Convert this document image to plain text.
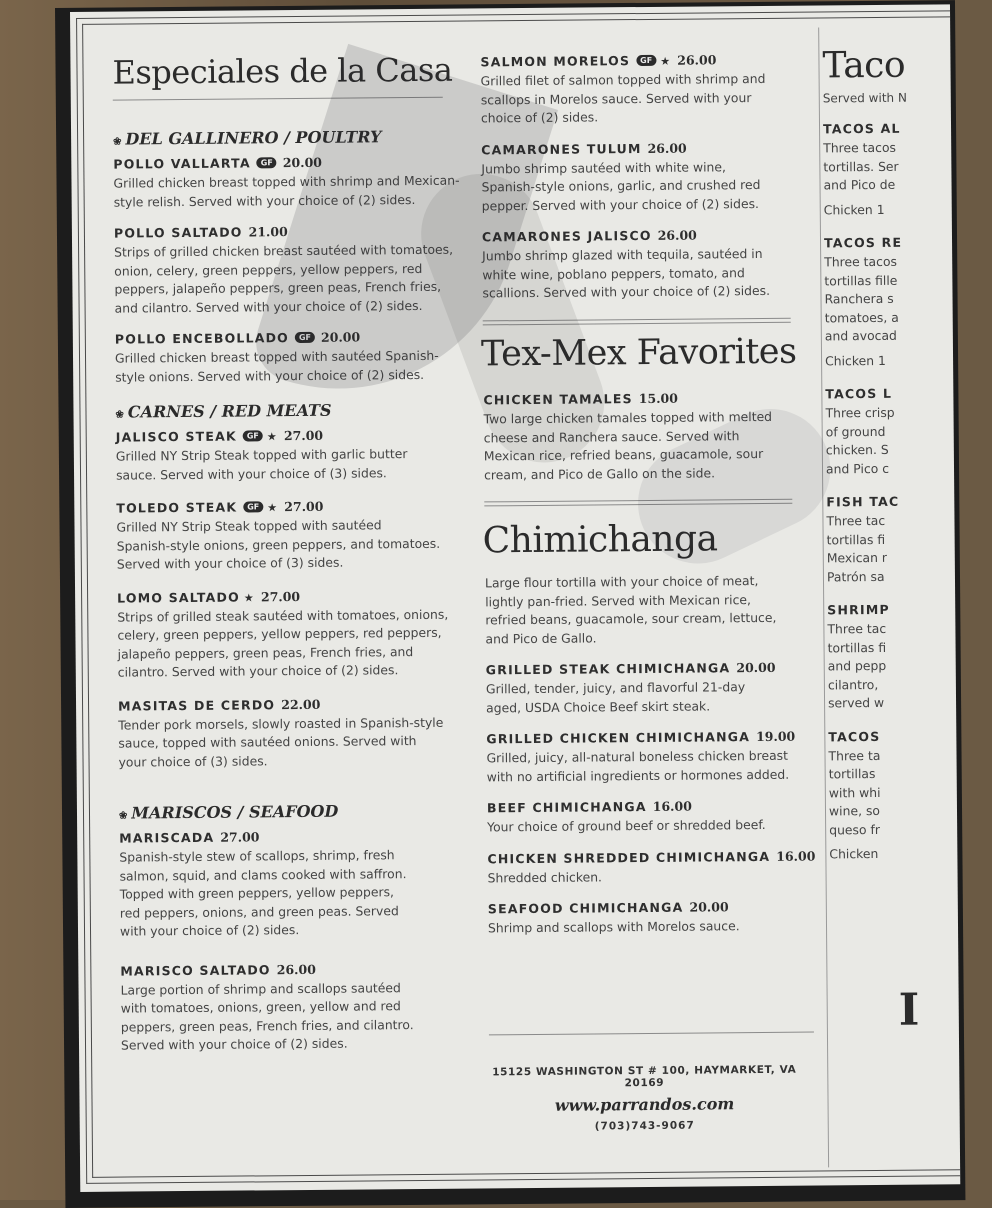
Especiales de la Casa
❀ DEL GALLINERO / POULTRY
POLLO VALLARTA GF 20.00
Grilled chicken breast topped with shrimp and Mexican-
style relish. Served with your choice of (2) sides.
POLLO SALTADO 21.00
Strips of grilled chicken breast sautéed with tomatoes,
onion, celery, green peppers, yellow peppers, red
peppers, jalapeño peppers, green peas, French fries,
and cilantro. Served with your choice of (2) sides.
POLLO ENCEBOLLADO GF 20.00
Grilled chicken breast topped with sautéed Spanish-
style onions. Served with your choice of (2) sides.
❀ CARNES / RED MEATS
JALISCO STEAK GF ★ 27.00
Grilled NY Strip Steak topped with garlic butter
sauce. Served with your choice of (3) sides.
TOLEDO STEAK GF ★ 27.00
Grilled NY Strip Steak topped with sautéed
Spanish-style onions, green peppers, and tomatoes.
Served with your choice of (3) sides.
LOMO SALTADO ★ 27.00
Strips of grilled steak sautéed with tomatoes, onions,
celery, green peppers, yellow peppers, red peppers,
jalapeño peppers, green peas, French fries, and
cilantro. Served with your choice of (2) sides.
MASITAS DE CERDO 22.00
Tender pork morsels, slowly roasted in Spanish-style
sauce, topped with sautéed onions. Served with
your choice of (3) sides.
❀ MARISCOS / SEAFOOD
MARISCADA 27.00
Spanish-style stew of scallops, shrimp, fresh
salmon, squid, and clams cooked with saffron.
Topped with green peppers, yellow peppers,
red peppers, onions, and green peas. Served
with your choice of (2) sides.
MARISCO SALTADO 26.00
Large portion of shrimp and scallops sautéed
with tomatoes, onions, green, yellow and red
peppers, green peas, French fries, and cilantro.
Served with your choice of (2) sides.
SALMON MORELOS GF ★ 26.00
Grilled filet of salmon topped with shrimp and
scallops in Morelos sauce. Served with your
choice of (2) sides.
CAMARONES TULUM 26.00
Jumbo shrimp sautéed with white wine,
Spanish-style onions, garlic, and crushed red
pepper. Served with your choice of (2) sides.
CAMARONES JALISCO 26.00
Jumbo shrimp glazed with tequila, sautéed in
white wine, poblano peppers, tomato, and
scallions. Served with your choice of (2) sides.
Tex-Mex Favorites
CHICKEN TAMALES 15.00
Two large chicken tamales topped with melted
cheese and Ranchera sauce. Served with
Mexican rice, refried beans, guacamole, sour
cream, and Pico de Gallo on the side.
Chimichanga
Large flour tortilla with your choice of meat,
lightly pan-fried. Served with Mexican rice,
refried beans, guacamole, sour cream, lettuce,
and Pico de Gallo.
GRILLED STEAK CHIMICHANGA 20.00
Grilled, tender, juicy, and flavorful 21-day
aged, USDA Choice Beef skirt steak.
GRILLED CHICKEN CHIMICHANGA 19.00
Grilled, juicy, all-natural boneless chicken breast
with no artificial ingredients or hormones added.
BEEF CHIMICHANGA 16.00
Your choice of ground beef or shredded beef.
CHICKEN SHREDDED CHIMICHANGA 16.00
Shredded chicken.
SEAFOOD CHIMICHANGA 20.00
Shrimp and scallops with Morelos sauce.
15125 WASHINGTON ST # 100, HAYMARKET, VA 20169
www.parrandos.com
(703)743-9067
Taco
Served with N
TACOS AL
Three tacos
tortillas. Ser
and Pico de
Chicken 1
TACOS RE
Three tacos
tortillas fille
Ranchera s
tomatoes, a
and avocad
Chicken 1
TACOS L
Three crisp
of ground
chicken. S
and Pico c
FISH TAC
Three tac
tortillas fi
Mexican r
Patrón sa
SHRIMP
Three tac
tortillas fi
and pepp
cilantro,
served w
TACOS
Three ta
tortillas
with whi
wine, so
queso fr
Chicken
I
